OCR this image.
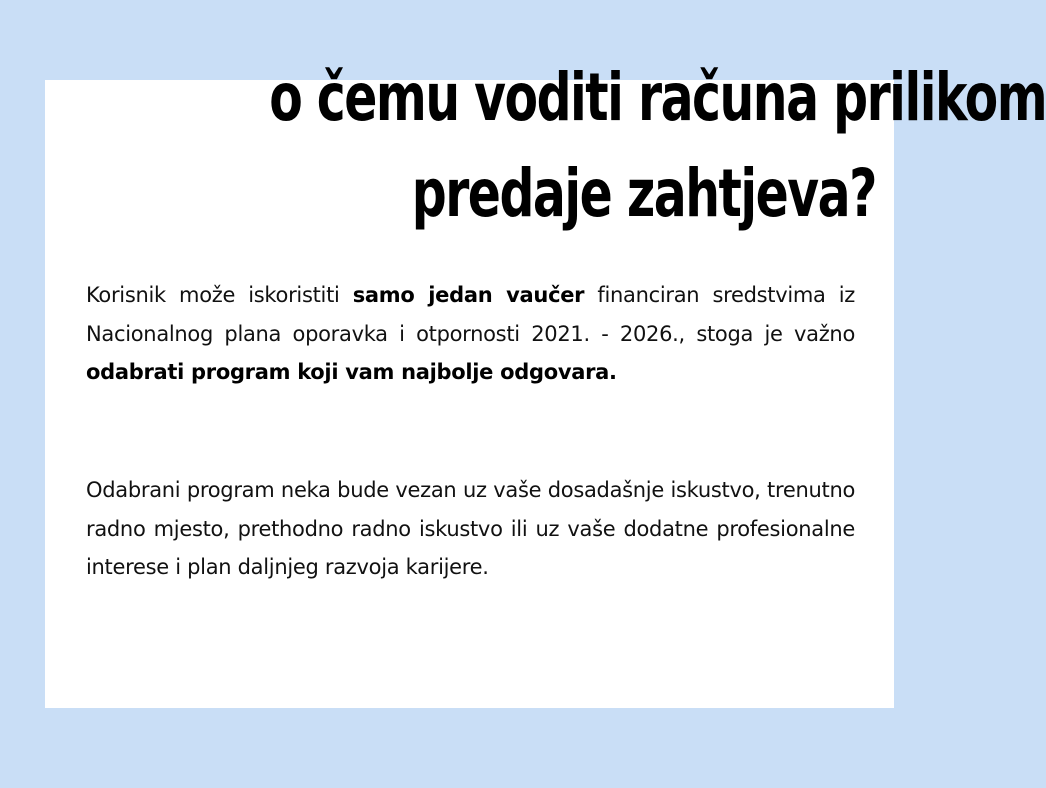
o čemu voditi računa prilikom
predaje zahtjeva?

Korisnik može iskoristiti samo jedan vaučer financiran sredstvima iz Nacionalnog plana oporavka i otpornosti 2021. - 2026., stoga je važno odabrati program koji vam najbolje odgovara.

Odabrani program neka bude vezan uz vaše dosadašnje iskustvo, trenutno radno mjesto, prethodno radno iskustvo ili uz vaše dodatne profesionalne interese i plan daljnjeg razvoja karijere.
